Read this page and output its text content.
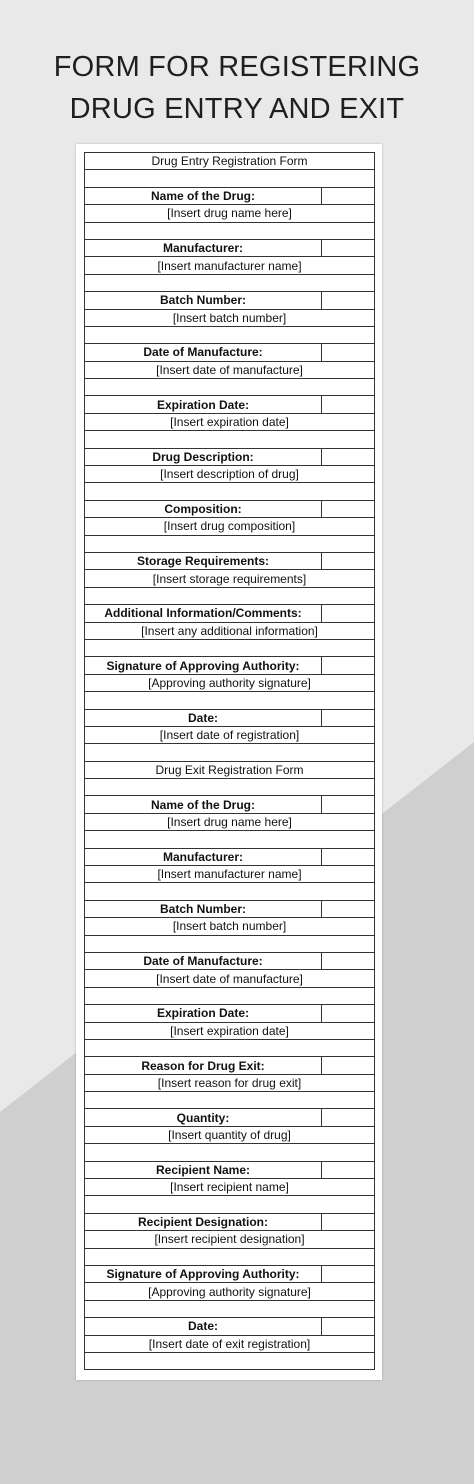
FORM FOR REGISTERING
DRUG ENTRY AND EXIT
Drug Entry Registration Form	

Name of the Drug:	
[Insert drug name here]	

Manufacturer:	
[Insert manufacturer name]	

Batch Number:	
[Insert batch number]	

Date of Manufacture:	
[Insert date of manufacture]	

Expiration Date:	
[Insert expiration date]	

Drug Description:	
[Insert description of drug]	

Composition:	
[Insert drug composition]	

Storage Requirements:	
[Insert storage requirements]	

Additional Information/Comments:	
[Insert any additional information]	

Signature of Approving Authority:	
[Approving authority signature]	

Date:	
[Insert date of registration]	

Drug Exit Registration Form	

Name of the Drug:	
[Insert drug name here]	

Manufacturer:	
[Insert manufacturer name]	

Batch Number:	
[Insert batch number]	

Date of Manufacture:	
[Insert date of manufacture]	

Expiration Date:	
[Insert expiration date]	

Reason for Drug Exit:	
[Insert reason for drug exit]	

Quantity:	
[Insert quantity of drug]	

Recipient Name:	
[Insert recipient name]	

Recipient Designation:	
[Insert recipient designation]	

Signature of Approving Authority:	
[Approving authority signature]	

Date:	
[Insert date of exit registration]	
